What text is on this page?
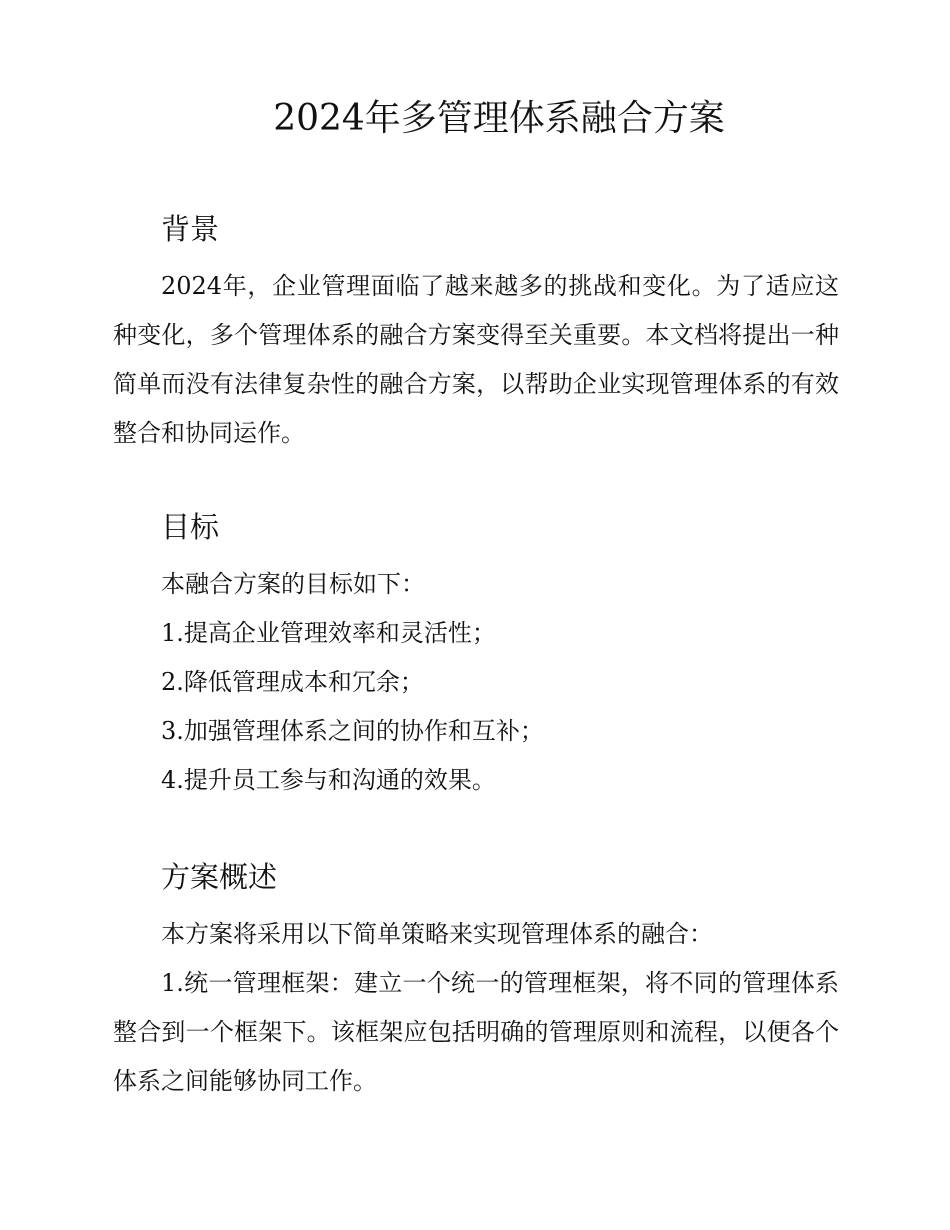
2024年多管理体系融合方案
背景

2024年，企业管理面临了越来越多的挑战和变化。为了适应这种变化，多个管理体系的融合方案变得至关重要。本文档将提出一种简单而没有法律复杂性的融合方案，以帮助企业实现管理体系的有效整合和协同运作。

目标

本融合方案的目标如下：

1.提高企业管理效率和灵活性；

2.降低管理成本和冗余；

3.加强管理体系之间的协作和互补；

4.提升员工参与和沟通的效果。

方案概述

本方案将采用以下简单策略来实现管理体系的融合：

1.统一管理框架：建立一个统一的管理框架，将不同的管理体系整合到一个框架下。该框架应包括明确的管理原则和流程，以便各个体系之间能够协同工作。
